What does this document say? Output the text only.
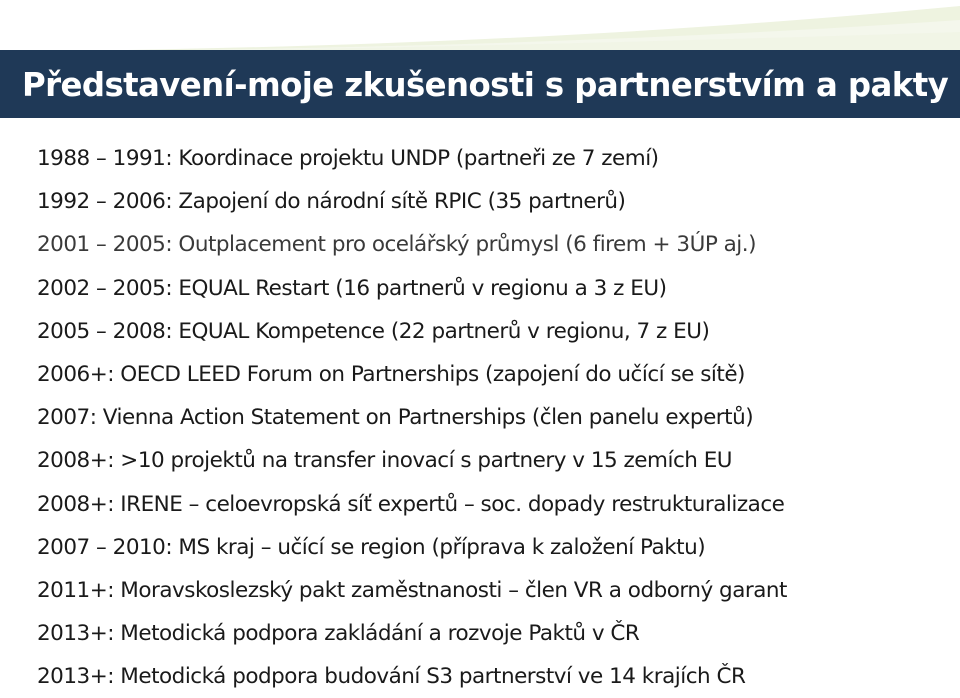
Představení-moje zkušenosti s partnerstvím a pakty
1988 – 1991: Koordinace projektu UNDP (partneři ze 7 zemí)
1992 – 2006: Zapojení do národní sítě RPIC (35 partnerů)
2001 – 2005: Outplacement pro ocelářský průmysl (6 firem + 3ÚP aj.)
2002 – 2005: EQUAL Restart (16 partnerů v regionu a 3 z EU)
2005 – 2008: EQUAL Kompetence (22 partnerů v regionu, 7 z EU)
2006+: OECD LEED Forum on Partnerships (zapojení do učící se sítě)
2007: Vienna Action Statement on Partnerships (člen panelu expertů)
2008+: >10 projektů na transfer inovací s partnery v 15 zemích EU
2008+: IRENE – celoevropská síť expertů – soc. dopady restrukturalizace
2007 – 2010: MS kraj – učící se region (příprava k založení Paktu)
2011+: Moravskoslezský pakt zaměstnanosti – člen VR a odborný garant
2013+: Metodická podpora zakládání a rozvoje Paktů v ČR
2013+: Metodická podpora budování S3 partnerství ve 14 krajích ČR
